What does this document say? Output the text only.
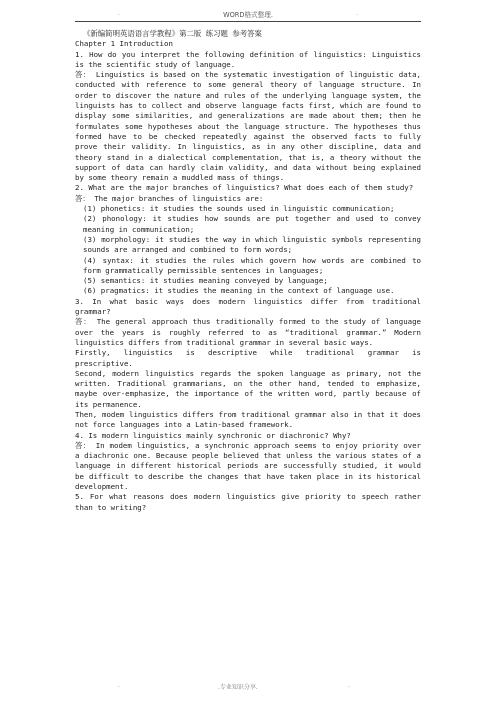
.	WORD格式整理.	.

《新编简明英语语言学教程》第二版 练习题 参考答案

Chapter 1 Introduction

1. How do you interpret the following definition of linguistics: Linguistics is the scientific study of language.

答： Linguistics is based on the systematic investigation of linguistic data, conducted with reference to some general theory of language structure. In order to discover the nature and rules of the underlying language system, the linguists has to collect and observe language facts first, which are found to display some similarities, and generalizations are made about them; then he formulates some hypotheses about the language structure. The hypotheses thus formed have to be checked repeatedly against the observed facts to fully prove their validity. In linguistics, as in any other discipline, data and theory stand in a dialectical complementation, that is, a theory without the support of data can hardly claim validity, and data without being explained by some theory remain a muddled mass of things.

2. What are the major branches of linguistics? What does each of them study?

答： The major branches of linguistics are:

(1) phonetics: it studies the sounds used in linguistic communication;

(2) phonology: it studies how sounds are put together and used to convey meaning in communication;

(3) morphology: it studies the way in which linguistic symbols representing sounds are arranged and combined to form words;

(4) syntax: it studies the rules which govern how words are combined to form grammatically permissible sentences in languages;

(5) semantics: it studies meaning conveyed by language;

(6) pragmatics: it studies the meaning in the context of language use.

3. In what basic ways does modern linguistics differ from traditional grammar?

答： The general approach thus traditionally formed to the study of language over the years is roughly referred to as “traditional grammar.” Modern linguistics differs from traditional grammar in several basic ways.

Firstly, linguistics is descriptive while traditional grammar is prescriptive.

Second, modern linguistics regards the spoken language as primary, not the written. Traditional grammarians, on the other hand, tended to emphasize, maybe over-emphasize, the importance of the written word, partly because of its permanence.

Then, modem linguistics differs from traditional grammar also in that it does not force languages into a Latin-based framework.

4. Is modern linguistics mainly synchronic or diachronic? Why?

答： In modem linguistics, a synchronic approach seems to enjoy priority over a diachronic one. Because people believed that unless the various states of a language in different historical periods are successfully studied, it would be difficult to describe the changes that have taken place in its historical development.

5. For what reasons does modern linguistics give priority to speech rather than to writing?

.	.专业知识分享.	.
